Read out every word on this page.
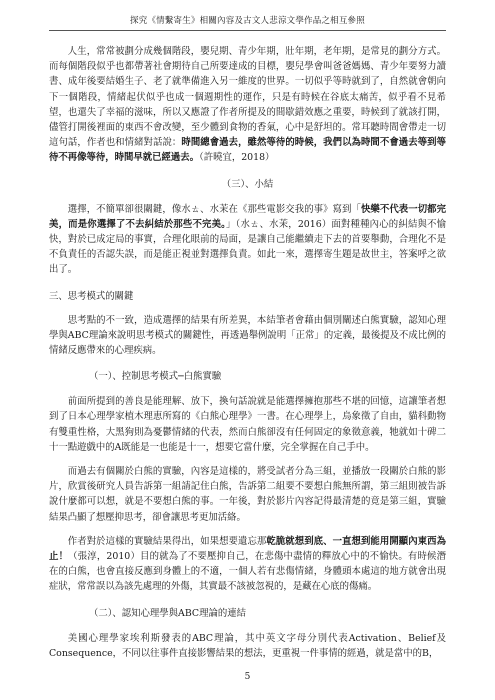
探究《情繫寄生》相關內容及古文人悲涼文學作品之相互參照

人生，常常被劃分成幾個階段，嬰兒期、青少年期，壯年期，老年期，是常見的劃分方式。而每個階段似乎也都帶著社會期待自己所要達成的目標，嬰兒學會叫爸爸媽媽、青少年要努力讀書、成年後要結婚生子、老了就準備進入另一維度的世界。一切似乎等時就到了，自然就會朝向下一個階段，情緒起伏似乎也成一個週期性的運作，只是有時候在谷底太痛苦，似乎看不見希望，也還失了幸福的滋味，所以又應證了作者所提及的間歇錯效應之重要，時候到了就該打開，儘管打開後裡面的東西不會改變，至少體到食物的香氣，心中是舒坦的。常耳聽時間會帶走一切這句話，作者也和情緒對話說：時間總會過去，雖然等待的時候，我們以為時間不會過去等到等待不再像等待，時間早就已經過去。（許曉宜，2018）

（三）、小結

選擇，不簡單卻很關鍵，像水ㄊ、水茉在《那些電影交我的事》寫到「快樂不代表一切都完美，而是你選擇了不去糾結於那些不完美。」（水ㄊ、水茉，2016）面對種種內心的糾結與不愉快，對於已成定局的事實，合理化眼前的局面，是讓自己能繼續走下去的首要舉動，合理化不是不負責任的否認失誤，而是能正視並對選擇負責。如此一來，選擇寄生題是故世主，答案呼之欲出了。

三、思考模式的關鍵

思考點的不一致，造成選擇的結果有所差異，本結筆者會藉由個別闡述白熊實驗，認知心理學與ABC理論來說明思考模式的關鍵性，再透過舉例說明「正常」的定義，最後提及不成比例的情緒反應帶來的心理疾病。

（一）、控制思考模式─白熊實驗

前面所提到的善良是能理解、放下，換句話說就是能選擇擁抱那些不堪的回憶，這讓筆者想到了日本心理學家植木理恵所寫的《白熊心理學》一書。在心理學上，烏象徵了自由，貓科動物有雙重性格，大黑狗則為憂鬱情緒的代表，然而白熊卻沒有任何固定的象徵意義，牠就如十碑二十一點遊戲中的A既能是一也能是十一，想要它當什麼，完全掌握在自己手中。

而過去有個關於白熊的實驗，內容是這樣的，將受試者分為三組，並播放一段關於白熊的影片，欣賞後研究人員告訴第一組請記住白熊，告訴第二組要不要想白熊無所謂，第三組則被告訴說什麼都可以想，就是不要想白熊的事。一年後，對於影片內容記得最清楚的竟是第三組，實驗結果凸顯了想壓抑思考，卻會讓思考更加活絡。

作者對於這樣的實驗結果得出，如果想要遺忘那乾脆就想到底、一直想到能用開顯內東西為止！（張淳，2010）目的就為了不要壓抑自己，在悲傷中盡情的釋放心中的不愉快。有時候潛在的白熊，也會直接反應到身體上的不適，一個人若有悲傷情緒，身體頭本處這的地方就會出現症狀，常常誤以為該先處理的外傷，其實最不該被忽視的，是藏在心底的傷痛。

（二）、認知心理學與ABC理論的連結

美國心理學家埃利斯發表的ABC理論，其中英文字母分別代表Activation、Belief及Consequence，不同以往事件直接影響結果的想法，更重視一件事情的經過，就是當中的B，

5
